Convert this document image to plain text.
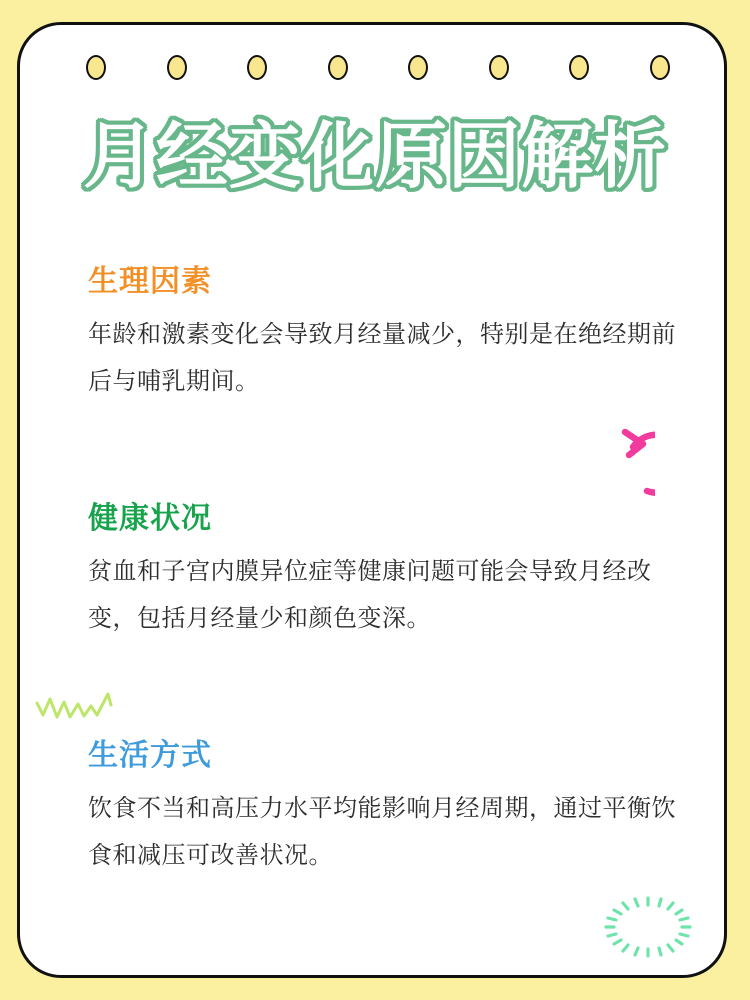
月经变化原因解析
生理因素
年龄和激素变化会导致月经量减少，特别是在绝经期前
后与哺乳期间。
健康状况
贫血和子宫内膜异位症等健康问题可能会导致月经改
变，包括月经量少和颜色变深。
生活方式
饮食不当和高压力水平均能影响月经周期，通过平衡饮
食和减压可改善状况。
